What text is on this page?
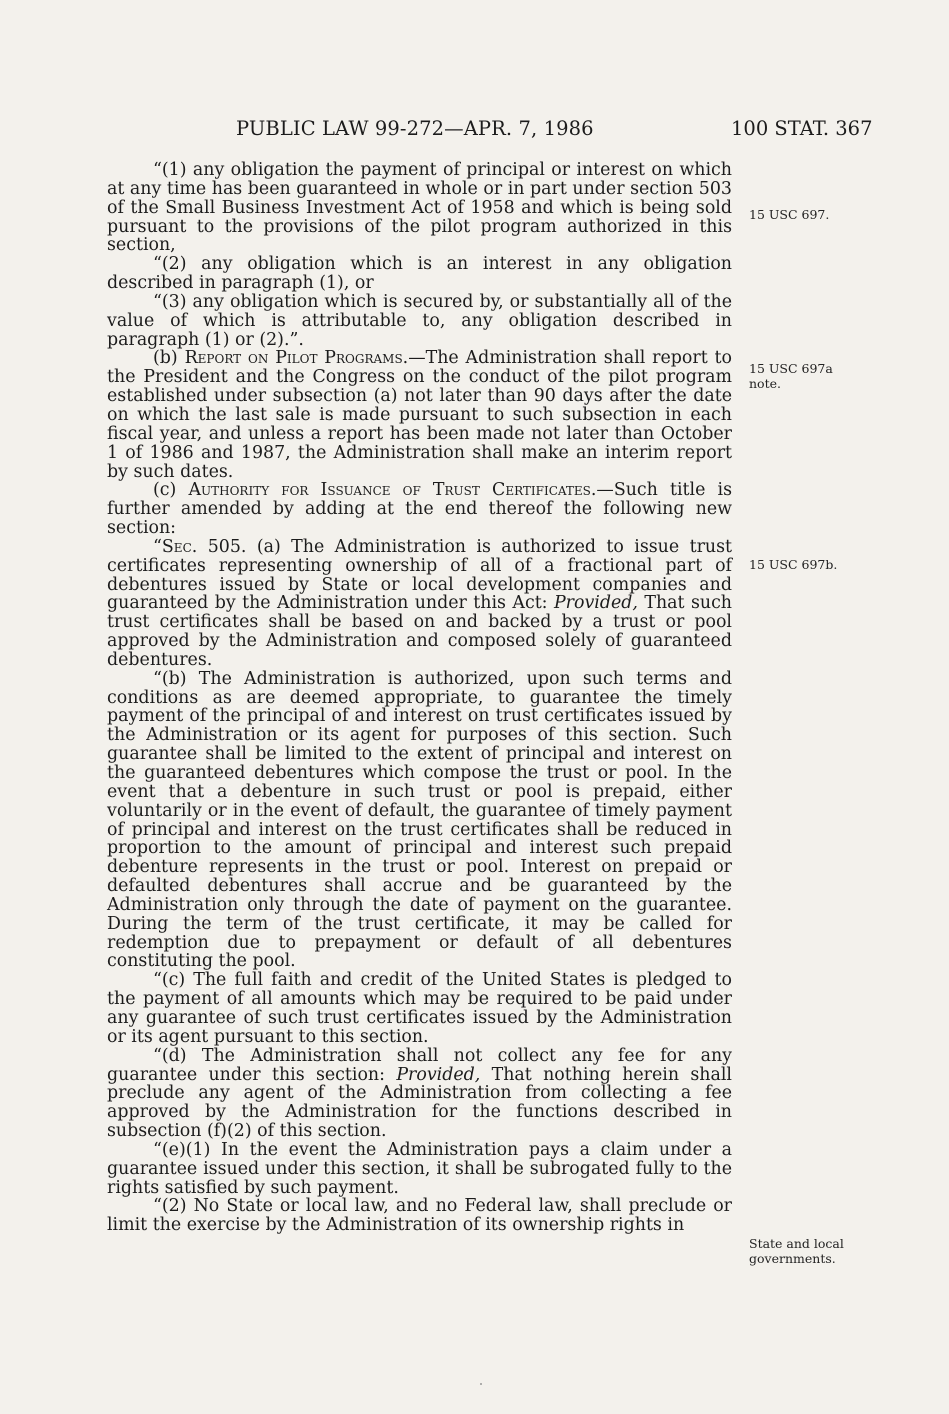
PUBLIC LAW 99-272—APR. 7, 1986	100 STAT. 367

“(1) any obligation the payment of principal or interest on which at any time has been guaranteed in whole or in part under section 503 of the Small Business Investment Act of 1958 and which is being sold pursuant to the provisions of the pilot program authorized in this section,

“(2) any obligation which is an interest in any obligation described in paragraph (1), or

“(3) any obligation which is secured by, or substantially all of the value of which is attributable to, any obligation described in paragraph (1) or (2).”.

(b) Report on Pilot Programs.—The Administration shall report to the President and the Congress on the conduct of the pilot program established under subsection (a) not later than 90 days after the date on which the last sale is made pursuant to such subsection in each fiscal year, and unless a report has been made not later than October 1 of 1986 and 1987, the Administration shall make an interim report by such dates.

(c) Authority for Issuance of Trust Certificates.—Such title is further amended by adding at the end thereof the following new section:

“Sec. 505. (a) The Administration is authorized to issue trust certificates representing ownership of all of a fractional part of debentures issued by State or local development companies and guaranteed by the Administration under this Act: Provided, That such trust certificates shall be based on and backed by a trust or pool approved by the Administration and composed solely of guaranteed debentures.

“(b) The Administration is authorized, upon such terms and conditions as are deemed appropriate, to guarantee the timely payment of the principal of and interest on trust certificates issued by the Administration or its agent for purposes of this section. Such guarantee shall be limited to the extent of principal and interest on the guaranteed debentures which compose the trust or pool. In the event that a debenture in such trust or pool is prepaid, either voluntarily or in the event of default, the guarantee of timely payment of principal and interest on the trust certificates shall be reduced in proportion to the amount of principal and interest such prepaid debenture represents in the trust or pool. Interest on prepaid or defaulted debentures shall accrue and be guaranteed by the Administration only through the date of payment on the guarantee. During the term of the trust certificate, it may be called for redemption due to prepayment or default of all debentures constituting the pool.

“(c) The full faith and credit of the United States is pledged to the payment of all amounts which may be required to be paid under any guarantee of such trust certificates issued by the Administration or its agent pursuant to this section.

“(d) The Administration shall not collect any fee for any guarantee under this section: Provided, That nothing herein shall preclude any agent of the Administration from collecting a fee approved by the Administration for the functions described in subsection (f)(2) of this section.

“(e)(1) In the event the Administration pays a claim under a guarantee issued under this section, it shall be subrogated fully to the rights satisfied by such payment.

“(2) No State or local law, and no Federal law, shall preclude or limit the exercise by the Administration of its ownership rights in

15 USC 697.
15 USC 697a
note.
15 USC 697b.
State and local
governments.
